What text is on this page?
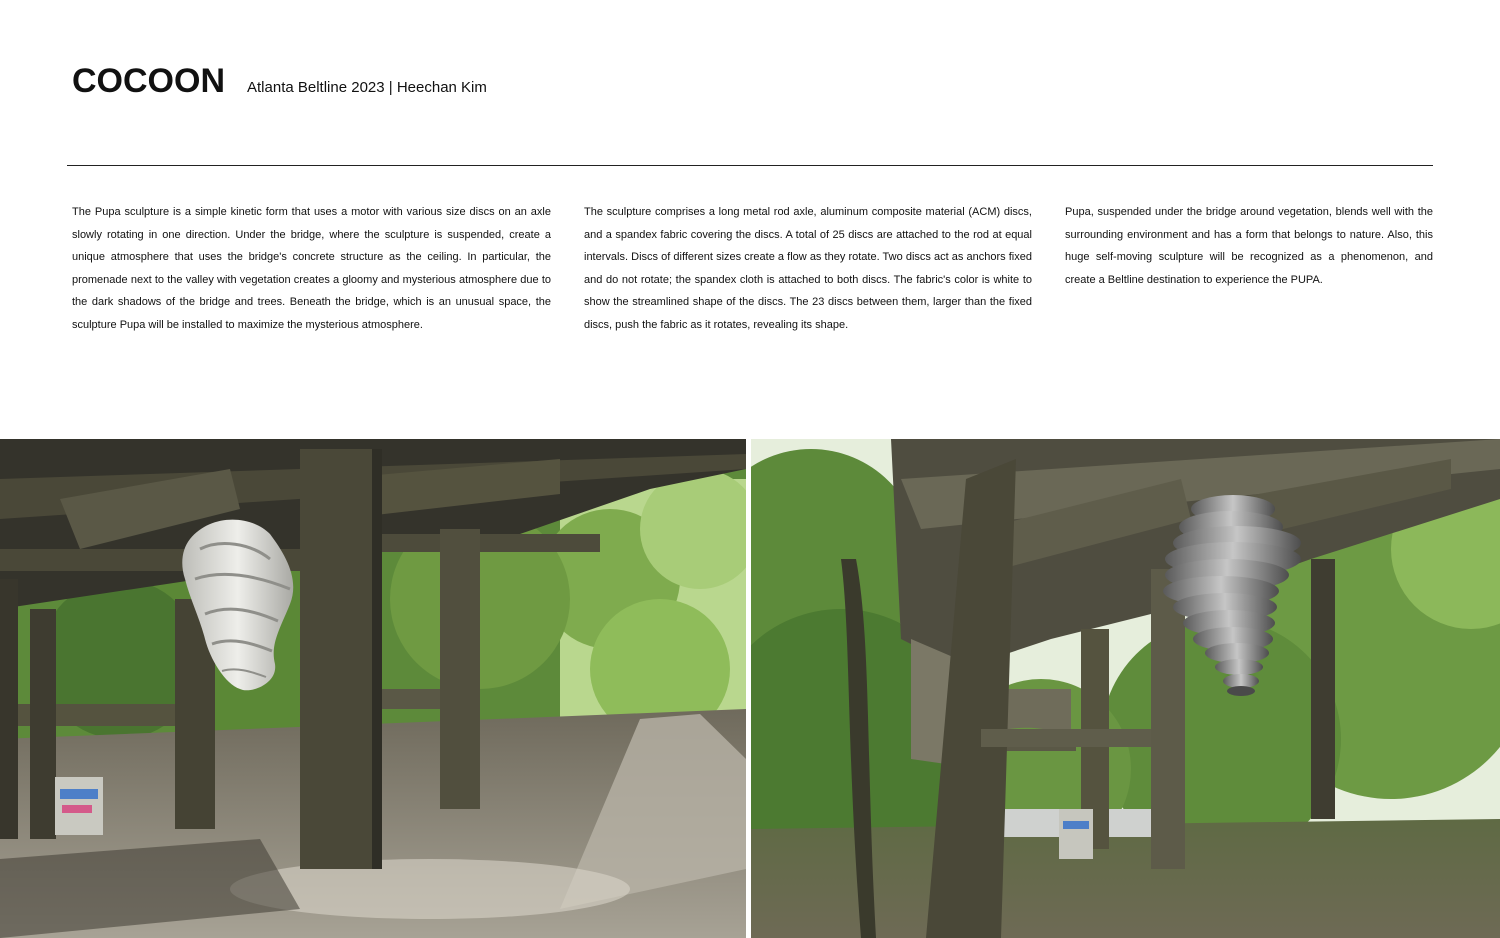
COCOON Atlanta Beltline 2023 | Heechan Kim

The Pupa sculpture is a simple kinetic form that uses a motor with various size discs on an axle slowly rotating in one direction. Under the bridge, where the sculpture is suspended, create a unique atmosphere that uses the bridge's concrete structure as the ceiling. In particular, the promenade next to the valley with vegetation creates a gloomy and mysterious atmosphere due to the dark shadows of the bridge and trees. Beneath the bridge, which is an unusual space, the sculpture Pupa will be installed to maximize the mysterious atmosphere.

The sculpture comprises a long metal rod axle, aluminum composite material (ACM) discs, and a spandex fabric covering the discs. A total of 25 discs are attached to the rod at equal intervals. Discs of different sizes create a flow as they rotate. Two discs act as anchors fixed and do not rotate; the spandex cloth is attached to both discs. The fabric's color is white to show the streamlined shape of the discs. The 23 discs between them, larger than the fixed discs, push the fabric as it rotates, revealing its shape.

Pupa, suspended under the bridge around vegetation, blends well with the surrounding environment and has a form that belongs to nature. Also, this huge self-moving sculpture will be recognized as a phenomenon, and create a Beltline destination to experience the PUPA.
